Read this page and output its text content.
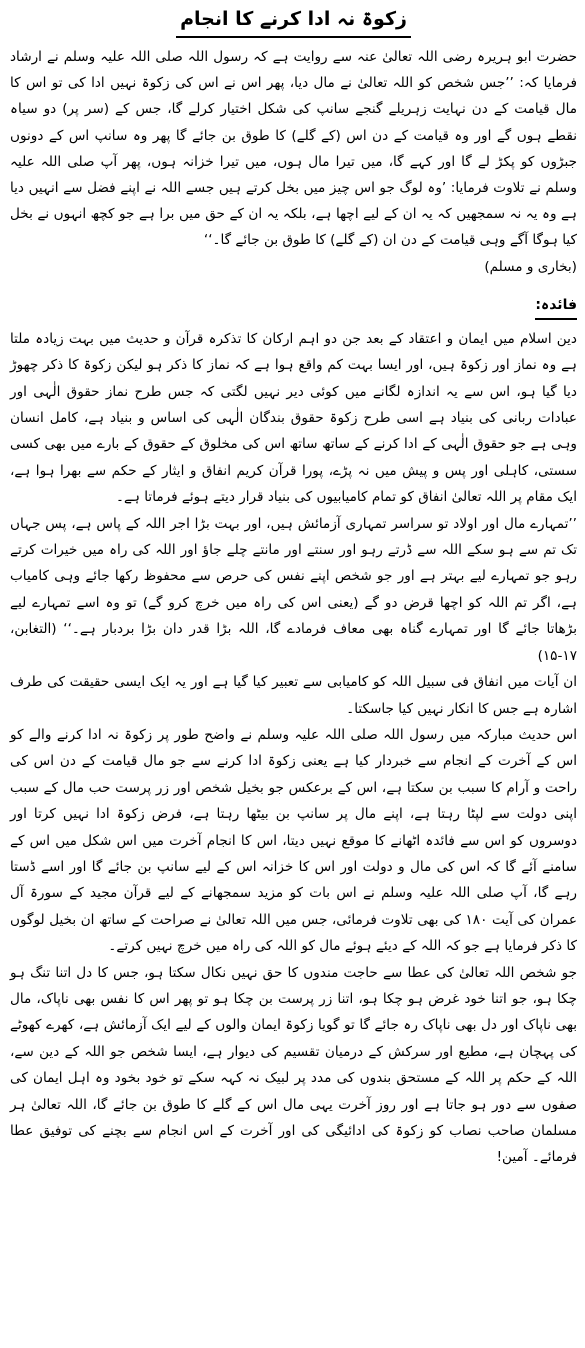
زکوۃ نہ ادا کرنے کا انجام

حضرت ابو ہریرہ رضی اللہ تعالیٰ عنہ سے روایت ہے کہ رسول اللہ صلی اللہ علیہ وسلم نے ارشاد فرمایا کہ: ’’جس شخص کو اللہ تعالیٰ نے مال دیا، پھر اس نے اس کی زکوۃ نہیں ادا کی تو اس کا مال قیامت کے دن نہایت زہریلے گنجے سانپ کی شکل اختیار کرلے گا، جس کے (سر پر) دو سیاہ نقطے ہوں گے اور وہ قیامت کے دن اس (کے گلے) کا طوق بن جائے گا پھر وہ سانپ اس کے دونوں جبڑوں کو پکڑ لے گا اور کہے گا، میں تیرا مال ہوں، میں تیرا خزانہ ہوں، پھر آپ صلی اللہ علیہ وسلم نے تلاوت فرمایا: ’وہ لوگ جو اس چیز میں بخل کرتے ہیں جسے اللہ نے اپنے فضل سے انہیں دیا ہے وہ یہ نہ سمجھیں کہ یہ ان کے لیے اچھا ہے، بلکہ یہ ان کے حق میں برا ہے جو کچھ انہوں نے بخل کیا ہوگا آگے وہی قیامت کے دن ان (کے گلے) کا طوق بن جائے گا۔‘‘

(بخاری و مسلم)

فائدہ:

دین اسلام میں ایمان و اعتقاد کے بعد جن دو اہم ارکان کا تذکرہ قرآن و حدیث میں بہت زیادہ ملتا ہے وہ نماز اور زکوۃ ہیں، اور ایسا بہت کم واقع ہوا ہے کہ نماز کا ذکر ہو لیکن زکوۃ کا ذکر چھوڑ دیا گیا ہو، اس سے یہ اندازہ لگانے میں کوئی دیر نہیں لگتی کہ جس طرح نماز حقوق الٰہی اور عبادات ربانی کی بنیاد ہے اسی طرح زکوۃ حقوق بندگان الٰہی کی اساس و بنیاد ہے، کامل انسان وہی ہے جو حقوق الٰہی کے ادا کرنے کے ساتھ ساتھ اس کی مخلوق کے حقوق کے بارے میں بھی کسی سستی، کاہلی اور پس و پیش میں نہ پڑے، پورا قرآن کریم انفاق و ایثار کے حکم سے بھرا ہوا ہے، ایک مقام پر اللہ تعالیٰ انفاق کو تمام کامیابیوں کی بنیاد قرار دیتے ہوئے فرماتا ہے۔

’’تمہارے مال اور اولاد تو سراسر تمہاری آزمائش ہیں، اور بہت بڑا اجر اللہ کے پاس ہے، پس جہاں تک تم سے ہو سکے اللہ سے ڈرتے رہو اور سنتے اور مانتے چلے جاؤ اور اللہ کی راہ میں خیرات کرتے رہو جو تمہارے لیے بہتر ہے اور جو شخص اپنے نفس کی حرص سے محفوظ رکھا جائے وہی کامیاب ہے، اگر تم اللہ کو اچھا قرض دو گے (یعنی اس کی راہ میں خرچ کرو گے) تو وہ اسے تمہارے لیے بڑھاتا جائے گا اور تمہارے گناہ بھی معاف فرمادے گا، اللہ بڑا قدر دان بڑا بردبار ہے۔‘‘ (التغابن، ۱۷-۱۵)

ان آیات میں انفاق فی سبیل اللہ کو کامیابی سے تعبیر کیا گیا ہے اور یہ ایک ایسی حقیقت کی طرف اشارہ ہے جس کا انکار نہیں کیا جاسکتا۔

اس حدیث مبارکہ میں رسول اللہ صلی اللہ علیہ وسلم نے واضح طور پر زکوۃ نہ ادا کرنے والے کو اس کے آخرت کے انجام سے خبردار کیا ہے یعنی زکوۃ ادا کرنے سے جو مال قیامت کے دن اس کی راحت و آرام کا سبب بن سکتا ہے، اس کے برعکس جو بخیل شخص اور زر پرست حب مال کے سبب اپنی دولت سے لپٹا رہتا ہے، اپنے مال پر سانپ بن بیٹھا رہتا ہے، فرض زکوۃ ادا نہیں کرتا اور دوسروں کو اس سے فائدہ اٹھانے کا موقع نہیں دیتا، اس کا انجام آخرت میں اس شکل میں اس کے سامنے آئے گا کہ اس کی مال و دولت اور اس کا خزانہ اس کے لیے سانپ بن جائے گا اور اسے ڈستا رہے گا، آپ صلی اللہ علیہ وسلم نے اس بات کو مزید سمجھانے کے لیے قرآن مجید کے سورۃ آل عمران کی آیت ۱۸۰ کی بھی تلاوت فرمائی، جس میں اللہ تعالیٰ نے صراحت کے ساتھ ان بخیل لوگوں کا ذکر فرمایا ہے جو کہ اللہ کے دیئے ہوئے مال کو اللہ کی راہ میں خرچ نہیں کرتے۔

جو شخص اللہ تعالیٰ کی عطا سے حاجت مندوں کا حق نہیں نکال سکتا ہو، جس کا دل اتنا تنگ ہو چکا ہو، جو اتنا خود غرض ہو چکا ہو، اتنا زر پرست بن چکا ہو تو پھر اس کا نفس بھی ناپاک، مال بھی ناپاک اور دل بھی ناپاک رہ جائے گا تو گویا زکوۃ ایمان والوں کے لیے ایک آزمائش ہے، کھرے کھوٹے کی پہچان ہے، مطیع اور سرکش کے درمیان تقسیم کی دیوار ہے، ایسا شخص جو اللہ کے دین سے، اللہ کے حکم پر اللہ کے مستحق بندوں کی مدد پر لبیک نہ کہہ سکے تو خود بخود وہ اہل ایمان کی صفوں سے دور ہو جاتا ہے اور روز آخرت یہی مال اس کے گلے کا طوق بن جائے گا، اللہ تعالیٰ ہر مسلمان صاحب نصاب کو زکوۃ کی ادائیگی کی اور آخرت کے اس انجام سے بچنے کی توفیق عطا فرمائے۔ آمین!
